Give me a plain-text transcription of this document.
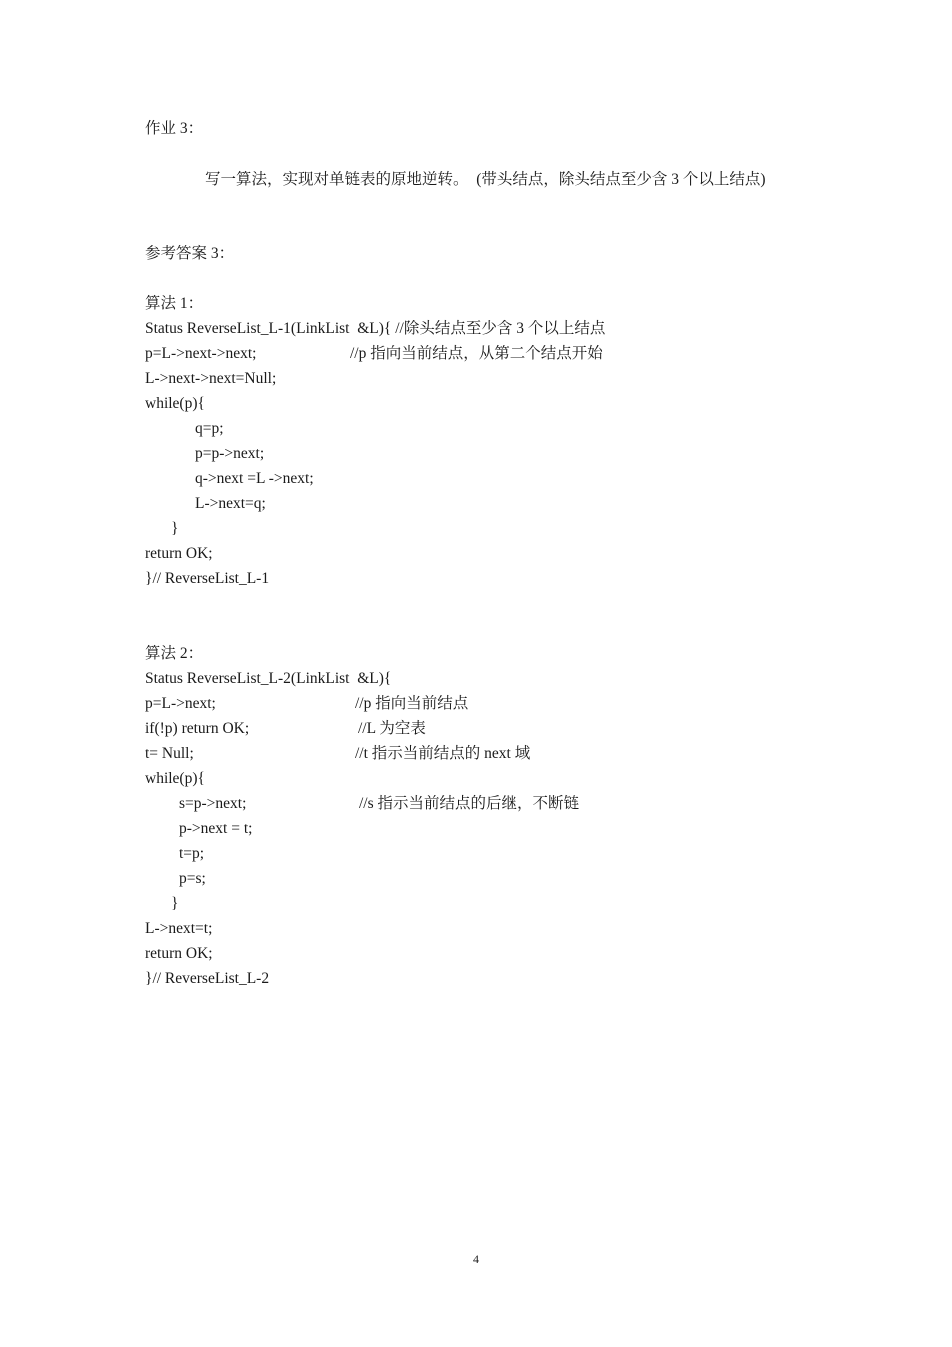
作业 3：
写一算法，实现对单链表的原地逆转。  (带头结点，除头结点至少含 3 个以上结点)
参考答案 3：
算法 1：
Status ReverseList_L-1(LinkList  &L){ //除头结点至少含 3 个以上结点
p=L->next->next;	//p 指向当前结点，从第二个结点开始
L->next->next=Null;
while(p){
q=p;
p=p->next;
q->next =L ->next;
L->next=q;
}
return OK;
}// ReverseList_L-1
算法 2：
Status ReverseList_L-2(LinkList  &L){
p=L->next;	//p 指向当前结点
if(!p) return OK;	//L 为空表
t= Null;	//t 指示当前结点的 next 域
while(p){
s=p->next;	//s 指示当前结点的后继，不断链
p->next = t;
t=p;
p=s;
}
L->next=t;
return OK;
}// ReverseList_L-2
4
